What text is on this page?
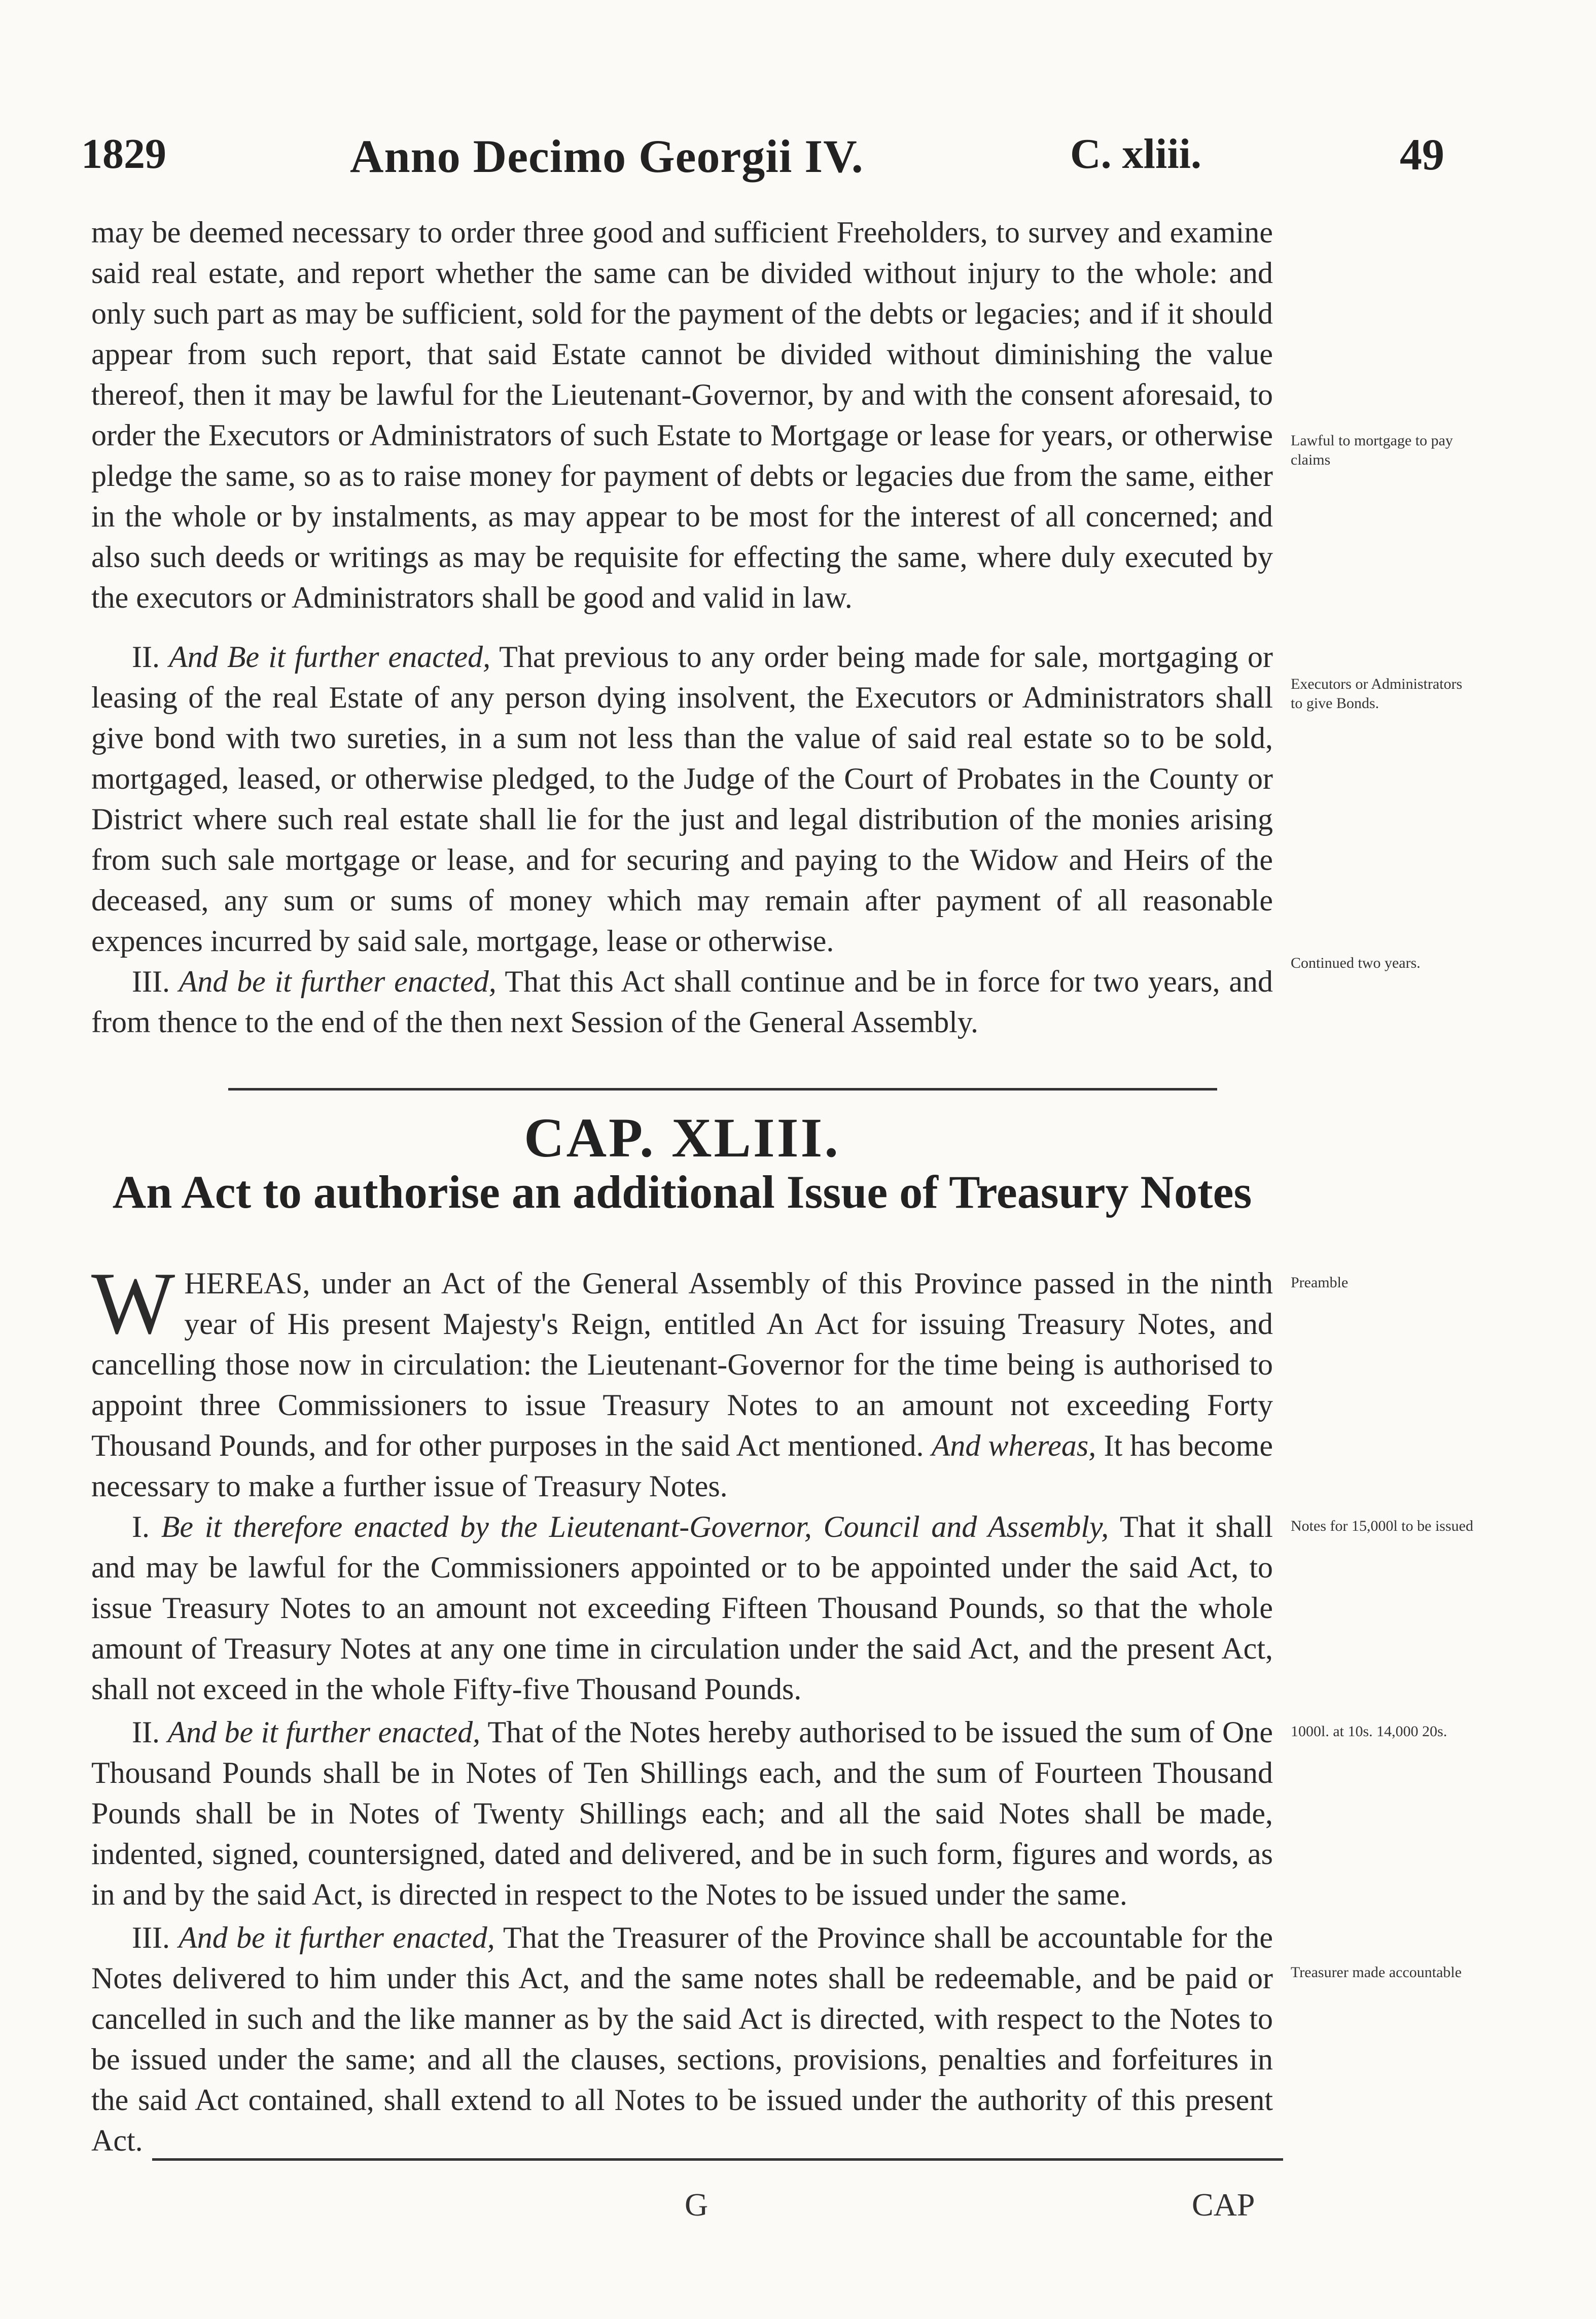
1829	Anno Decimo Georgii IV.	C. xliii.	49

may be deemed necessary to order three good and sufficient Freeholders, to survey and examine said real estate, and report whether the same can be divided without injury to the whole: and only such part as may be sufficient, sold for the payment of the debts or legacies; and if it should appear from such report, that said Estate cannot be divided without diminishing the value thereof, then it may be lawful for the Lieutenant-Governor, by and with the consent aforesaid, to order the Executors or Administrators of such Estate to Mortgage or lease for years, or otherwise pledge the same, so as to raise money for payment of debts or legacies due from the same, either in the whole or by instalments, as may appear to be most for the interest of all concerned; and also such deeds or writings as may be requisite for effecting the same, where duly executed by the executors or Administrators shall be good and valid in law.

Lawful to mortgage to pay claims

II. And Be it further enacted, That previous to any order being made for sale, mortgaging or leasing of the real Estate of any person dying insolvent, the Executors or Administrators shall give bond with two sureties, in a sum not less than the value of said real estate so to be sold, mortgaged, leased, or otherwise pledged, to the Judge of the Court of Probates in the County or District where such real estate shall lie for the just and legal distribution of the monies arising from such sale mortgage or lease, and for securing and paying to the Widow and Heirs of the deceased, any sum or sums of money which may remain after payment of all reasonable expences incurred by said sale, mortgage, lease or otherwise.

Executors or Administrators to give Bonds.

III. And be it further enacted, That this Act shall continue and be in force for two years, and from thence to the end of the then next Session of the General Assembly.

Continued two years.
CAP. XLIII.
An Act to authorise an additional Issue of Treasury Notes

W HEREAS, under an Act of the General Assembly of this Province passed in the ninth year of His present Majesty's Reign, entitled An Act for issuing Treasury Notes, and cancelling those now in circulation: the Lieutenant-Governor for the time being is authorised to appoint three Commissioners to issue Treasury Notes to an amount not exceeding Forty Thousand Pounds, and for other purposes in the said Act mentioned. And whereas, It has become necessary to make a further issue of Treasury Notes.

Preamble

I. Be it therefore enacted by the Lieutenant-Governor, Council and Assembly, That it shall and may be lawful for the Commissioners appointed or to be appointed under the said Act, to issue Treasury Notes to an amount not exceeding Fifteen Thousand Pounds, so that the whole amount of Treasury Notes at any one time in circulation under the said Act, and the present Act, shall not exceed in the whole Fifty-five Thousand Pounds.

Notes for 15,000l to be issued

II. And be it further enacted, That of the Notes hereby authorised to be issued the sum of One Thousand Pounds shall be in Notes of Ten Shillings each, and the sum of Fourteen Thousand Pounds shall be in Notes of Twenty Shillings each; and all the said Notes shall be made, indented, signed, countersigned, dated and delivered, and be in such form, figures and words, as in and by the said Act, is directed in respect to the Notes to be issued under the same.

1000l. at 10s. 14,000 20s.

III. And be it further enacted, That the Treasurer of the Province shall be accountable for the Notes delivered to him under this Act, and the same notes shall be redeemable, and be paid or cancelled in such and the like manner as by the said Act is directed, with respect to the Notes to be issued under the same; and all the clauses, sections, provisions, penalties and forfeitures in the said Act contained, shall extend to all Notes to be issued under the authority of this present Act.

Treasurer made accountable
G	CAP
